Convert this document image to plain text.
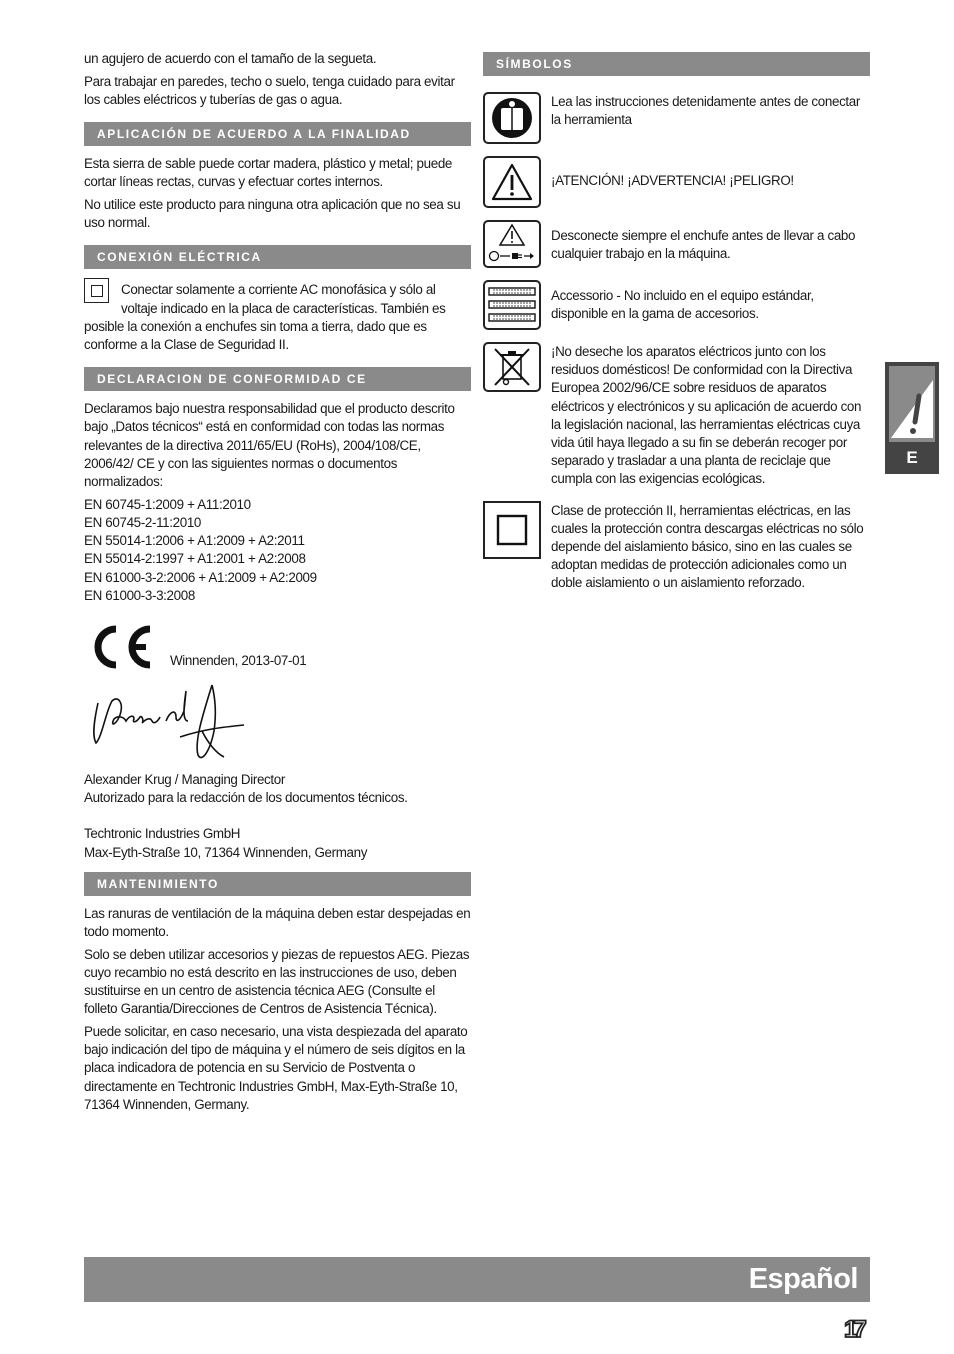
un agujero de acuerdo con el tamaño de la segueta.

Para trabajar en paredes, techo o suelo, tenga cuidado para evitar los cables eléctricos y tuberías de gas o agua.

APLICACIÓN DE ACUERDO A LA FINALIDAD

Esta sierra de sable puede cortar madera, plástico y metal; puede cortar líneas rectas, curvas y efectuar cortes internos.

No utilice este producto para ninguna otra aplicación que no sea su uso normal.

CONEXIÓN ELÉCTRICA

Conectar solamente a corriente AC monofásica y sólo al voltaje indicado en la placa de características. También es posible la conexión a enchufes sin toma a tierra, dado que es conforme a la Clase de Seguridad II.

DECLARACION DE CONFORMIDAD CE

Declaramos bajo nuestra responsabilidad que el producto descrito bajo „Datos técnicos“ está en conformidad con todas las normas relevantes de la directiva 2011/65/EU (RoHs), 2004/108/CE, 2006/42/ CE y con las siguientes normas o documentos normalizados:

EN 60745-1:2009 + A11:2010
EN 60745-2-11:2010
EN 55014-1:2006 + A1:2009 + A2:2011
EN 55014-2:1997 + A1:2001 + A2:2008
EN 61000-3-2:2006 + A1:2009 + A2:2009
EN 61000-3-3:2008
Winnenden, 2013-07-01
Alexander Krug / Managing Director
Autorizado para la redacción de los documentos técnicos.
Techtronic Industries GmbH
Max-Eyth-Straße 10, 71364 Winnenden, Germany
MANTENIMIENTO

Las ranuras de ventilación de la máquina deben estar despejadas en todo momento.

Solo se deben utilizar accesorios y piezas de repuestos AEG. Piezas cuyo recambio no está descrito en las instrucciones de uso, deben sustituirse en un centro de asistencia técnica AEG (Consulte el folleto Garantia/Direcciones de Centros de Asistencia Técnica).

Puede solicitar, en caso necesario, una vista despiezada del aparato bajo indicación del tipo de máquina y el número de seis dígitos en la placa indicadora de potencia en su Servicio de Postventa o directamente en Techtronic Industries GmbH, Max-Eyth-Straße 10, 71364 Winnenden, Germany.

SÍMBOLOS
Lea las instrucciones detenidamente antes de conectar la herramienta
¡ATENCIÓN! ¡ADVERTENCIA! ¡PELIGRO!
Desconecte siempre el enchufe antes de llevar a cabo cualquier trabajo en la máquina.
Accessorio - No incluido en el equipo estándar, disponible en la gama de accesorios.
¡No deseche los aparatos eléctricos junto con los residuos domésticos! De conformidad con la Directiva Europea 2002/96/CE sobre residuos de aparatos eléctricos y electrónicos y su aplicación de acuerdo con la legislación nacional, las herramientas eléctricas cuya vida útil haya llegado a su fin se deberán recoger por separado y trasladar a una planta de reciclaje que cumpla con las exigencias ecológicas.
Clase de protección II, herramientas eléctricas, en las cuales la protección contra descargas eléctricas no sólo depende del aislamiento básico, sino en las cuales se adoptan medidas de protección adicionales como un doble aislamiento o un aislamiento reforzado.
E
Español
17
